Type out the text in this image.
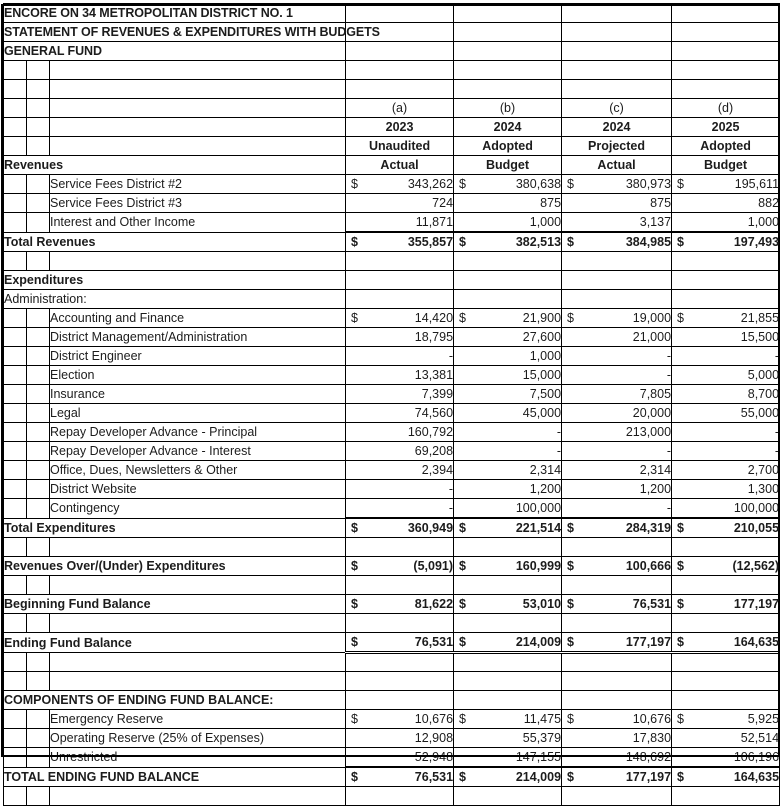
ENCORE ON 34 METROPOLITAN DISTRICT NO. 1						
STATEMENT OF REVENUES & EXPENDITURES WITH BUDGETS						
GENERAL FUND						

			(a)	(b)	(c)	(d)
			2023	2024	2024	2025
			Unaudited	Adopted	Projected	Adopted
Revenues			Actual	Budget	Actual	Budget
		Service Fees District #2	$ 343,262	$ 380,638	$ 380,973	$ 195,611
		Service Fees District #3	724	875	875	882
		Interest and Other Income	11,871	1,000	3,137	1,000
Total Revenues			$ 355,857	$ 382,513	$ 384,985	$ 197,493

Expenditures						
Administration:						
		Accounting and Finance	$ 14,420	$ 21,900	$ 19,000	$ 21,855
		District Management/Administration	18,795	27,600	21,000	15,500
		District Engineer	-	1,000	-	-
		Election	13,381	15,000	-	5,000
		Insurance	7,399	7,500	7,805	8,700
		Legal	74,560	45,000	20,000	55,000
		Repay Developer Advance - Principal	160,792	-	213,000	-
		Repay Developer Advance - Interest	69,208	-	-	-
		Office, Dues, Newsletters & Other	2,394	2,314	2,314	2,700
		District Website	-	1,200	1,200	1,300
		Contingency	-	100,000	-	100,000
Total Expenditures			$ 360,949	$ 221,514	$ 284,319	$ 210,055

Revenues Over/(Under) Expenditures			$ (5,091)	$ 160,999	$ 100,666	$ (12,562)

Beginning Fund Balance			$ 81,622	$ 53,010	$ 76,531	$ 177,197

Ending Fund Balance			$ 76,531	$ 214,009	$ 177,197	$ 164,635

COMPONENTS OF ENDING FUND BALANCE:						
		Emergency Reserve	$ 10,676	$ 11,475	$ 10,676	$ 5,925
		Operating Reserve (25% of Expenses)	12,908	55,379	17,830	52,514
		Unrestricted	52,948	147,155	148,692	106,196
TOTAL ENDING FUND BALANCE			$ 76,531	$ 214,009	$ 177,197	$ 164,635
